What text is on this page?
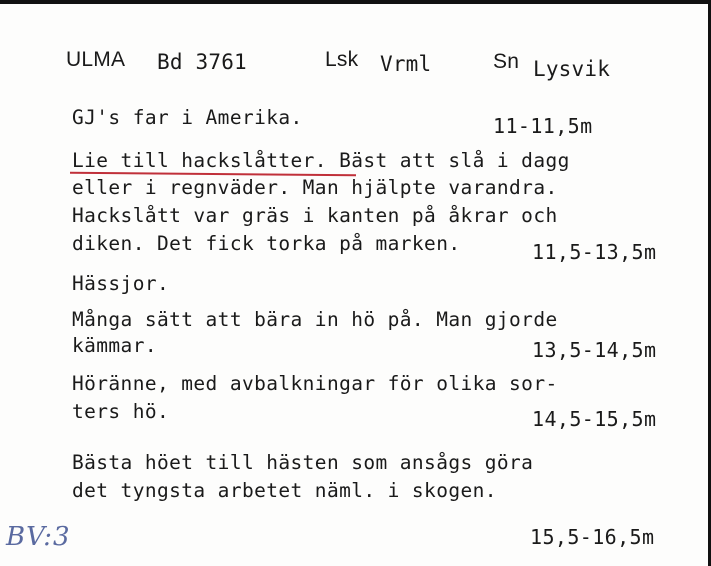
ULMA Bd 3761	Lsk Vrml	Sn Lysvik
GJ's far i Amerika.	11-11,5m
Lie till hackslåtter. Bäst att slå i dagg
eller i regnväder. Man hjälpte varandra.
Hackslått var gräs i kanten på åkrar och
diken. Det fick torka på marken.	11,5-13,5m
Hässjor.
Många sätt att bära in hö på. Man gjorde
kämmar.	13,5-14,5m
Höränne, med avbalkningar för olika sor-
ters hö.	14,5-15,5m
Bästa höet till hästen som ansågs göra
det tyngsta arbetet näml. i skogen.
15,5-16,5m
BV:3
